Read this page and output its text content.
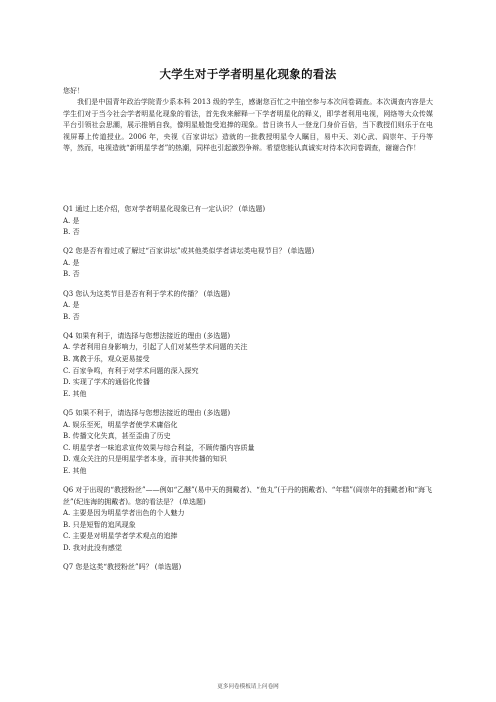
大学生对于学者明星化现象的看法
您好！
我们是中国青年政治学院青少系本科 2013 级的学生，感谢您百忙之中抽空参与本次问卷调查。本次调查内容是大学生们对于当今社会学者明星化现象的看法，首先我来解释一下学者明星化的释义，即学者利用电视，网络等大众传媒平台引领社会思潮，展示推销自我，像明星般饱受追捧的现象。昔日读书人一登龙门身价百倍，当下教授们则乐于在电视屏幕上传道授业。2006 年，央视《百家讲坛》造就的一批教授明星令人瞩目，易中天、刘心武、阎崇年、于丹等等，然而，电视造就“新明星学者”的热潮，同样也引起激烈争辩。希望您能认真诚实对待本次问卷调查，谢谢合作！
Q1 通过上述介绍，您对学者明星化现象已有一定认识？ (单选题)
A. 是
B. 否
Q2 您是否有看过或了解过“百家讲坛”或其他类似学者讲坛类电视节目？ (单选题)
A. 是
B. 否
Q3 您认为这类节目是否有利于学术的传播？ (单选题)
A. 是
B. 否
Q4 如果有利于，请选择与您想法接近的理由 (多选题)
A. 学者利用自身影响力，引起了人们对某些学术问题的关注
B. 寓教于乐，观众更易接受
C. 百家争鸣，有利于对学术问题的深入探究
D. 实现了学术的通俗化传播
E. 其他
Q5 如果不利于，请选择与您想法接近的理由 (多选题)
A. 娱乐至死，明星学者使学术庸俗化
B. 传播文化失真，甚至歪曲了历史
C. 明星学者一味追求宣传效果与综合利益，不顾传播内容质量
D. 观众关注的只是明星学者本身，而非其传播的知识
E. 其他
Q6 对于出现的“教授粉丝”——例如“乙醚”(易中天的拥戴者)、“鱼丸”(于丹的拥戴者)、“年糕”(阎崇年的拥戴者)和“海飞丝”(纪连海的拥戴者)。您的看法是？ (单选题)
A. 主要是因为明星学者出色的个人魅力
B. 只是短暂的追风现象
C. 主要是对明星学者学术观点的追捧
D. 我对此没有感觉
Q7 您是这类“教授粉丝”吗？ (单选题)
更多问卷模板请上问卷网
